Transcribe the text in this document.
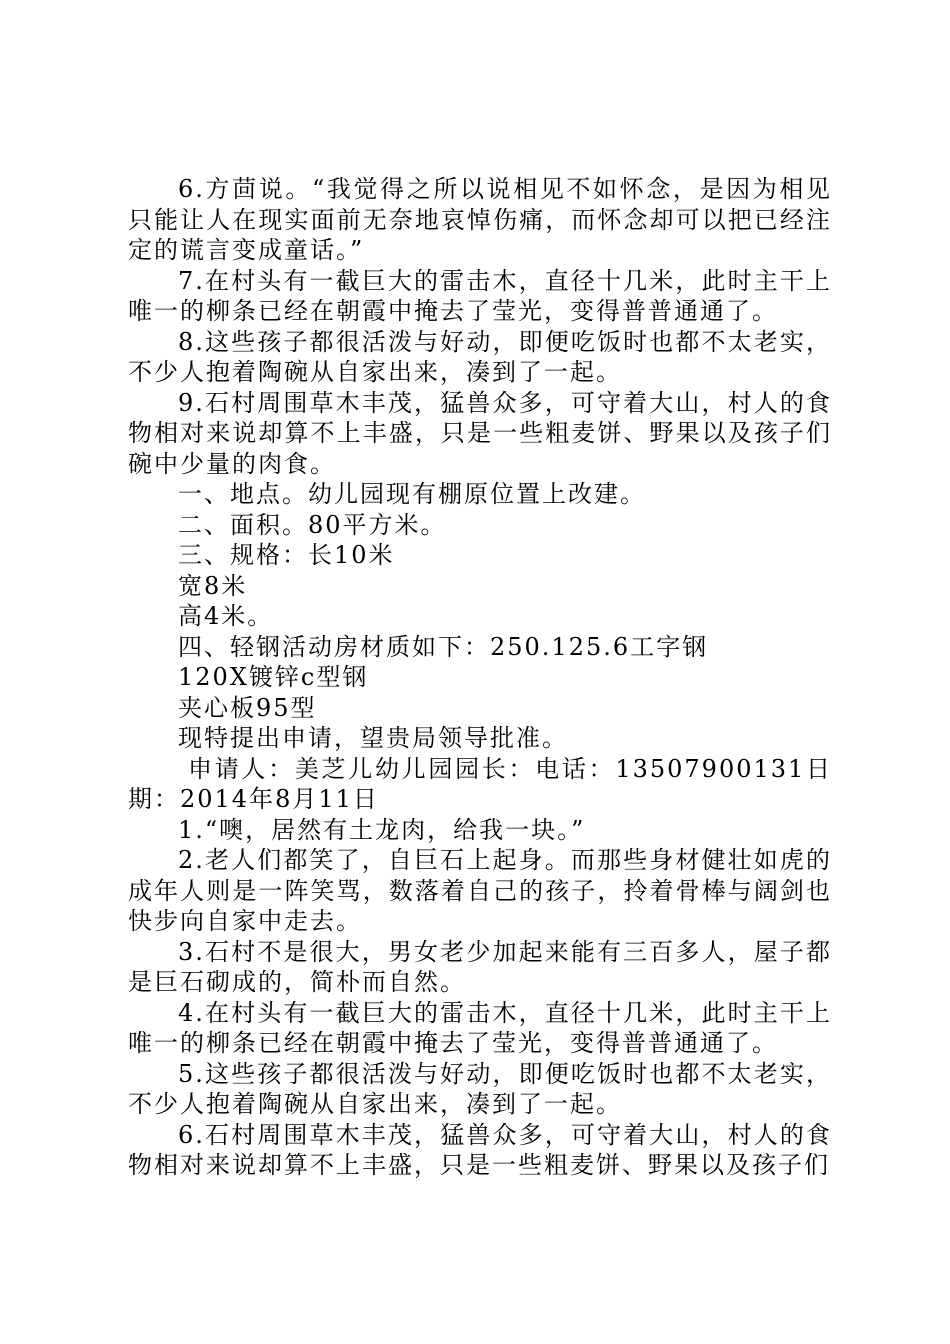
6.方茴说。“我觉得之所以说相见不如怀念，是因为相见只能让人在现实面前无奈地哀悼伤痛，而怀念却可以把已经注定的谎言变成童话。”

7.在村头有一截巨大的雷击木，直径十几米，此时主干上唯一的柳条已经在朝霞中掩去了莹光，变得普普通通了。

8.这些孩子都很活泼与好动，即便吃饭时也都不太老实，不少人抱着陶碗从自家出来，凑到了一起。

9.石村周围草木丰茂，猛兽众多，可守着大山，村人的食物相对来说却算不上丰盛，只是一些粗麦饼、野果以及孩子们碗中少量的肉食。

一、地点。幼儿园现有棚原位置上改建。

二、面积。80平方米。

三、规格：长10米

宽8米

高4米。

四、轻钢活动房材质如下：250.125.6工字钢

120X镀锌c型钢

夹心板95型

现特提出申请，望贵局领导批准。

申请人：美芝儿幼儿园园长：电话：13507900131日期：2014年8月11日

1.“噢，居然有土龙肉，给我一块。”

2.老人们都笑了，自巨石上起身。而那些身材健壮如虎的成年人则是一阵笑骂，数落着自己的孩子，拎着骨棒与阔剑也快步向自家中走去。

3.石村不是很大，男女老少加起来能有三百多人，屋子都是巨石砌成的，简朴而自然。

4.在村头有一截巨大的雷击木，直径十几米，此时主干上唯一的柳条已经在朝霞中掩去了莹光，变得普普通通了。

5.这些孩子都很活泼与好动，即便吃饭时也都不太老实，不少人抱着陶碗从自家出来，凑到了一起。

6.石村周围草木丰茂，猛兽众多，可守着大山，村人的食物相对来说却算不上丰盛，只是一些粗麦饼、野果以及孩子们
